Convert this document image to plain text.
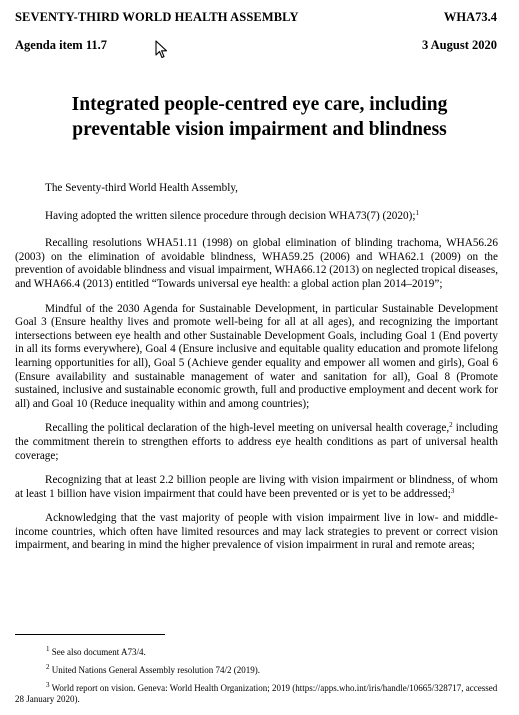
SEVENTY-THIRD WORLD HEALTH ASSEMBLY	WHA73.4
Agenda item 11.7	3 August 2020
Integrated people-centred eye care, including
preventable vision impairment and blindness

The Seventy-third World Health Assembly,

Having adopted the written silence procedure through decision WHA73(7) (2020);$^1$

Recalling resolutions WHA51.11 (1998) on global elimination of blinding trachoma, WHA56.26 (2003) on the elimination of avoidable blindness, WHA59.25 (2006) and WHA62.1 (2009) on the prevention of avoidable blindness and visual impairment, WHA66.12 (2013) on neglected tropical diseases, and WHA66.4 (2013) entitled “Towards universal eye health: a global action plan 2014–2019”;

Mindful of the 2030 Agenda for Sustainable Development, in particular Sustainable Development Goal 3 (Ensure healthy lives and promote well-being for all at all ages), and recognizing the important intersections between eye health and other Sustainable Development Goals, including Goal 1 (End poverty in all its forms everywhere), Goal 4 (Ensure inclusive and equitable quality education and promote lifelong learning opportunities for all), Goal 5 (Achieve gender equality and empower all women and girls), Goal 6 (Ensure availability and sustainable management of water and sanitation for all), Goal 8 (Promote sustained, inclusive and sustainable economic growth, full and productive employment and decent work for all) and Goal 10 (Reduce inequality within and among countries);

Recalling the political declaration of the high-level meeting on universal health coverage,$^2$ including the commitment therein to strengthen efforts to address eye health conditions as part of universal health coverage;

Recognizing that at least 2.2 billion people are living with vision impairment or blindness, of whom at least 1 billion have vision impairment that could have been prevented or is yet to be addressed;$^3$

Acknowledging that the vast majority of people with vision impairment live in low- and middle-income countries, which often have limited resources and may lack strategies to prevent or correct vision impairment, and bearing in mind the higher prevalence of vision impairment in rural and remote areas;

$^1$ See also document A73/4.
$^2$ United Nations General Assembly resolution 74/2 (2019).
$^3$ World report on vision. Geneva: World Health Organization; 2019 (https://apps.who.int/iris/handle/10665/328717, accessed 28 January 2020).
